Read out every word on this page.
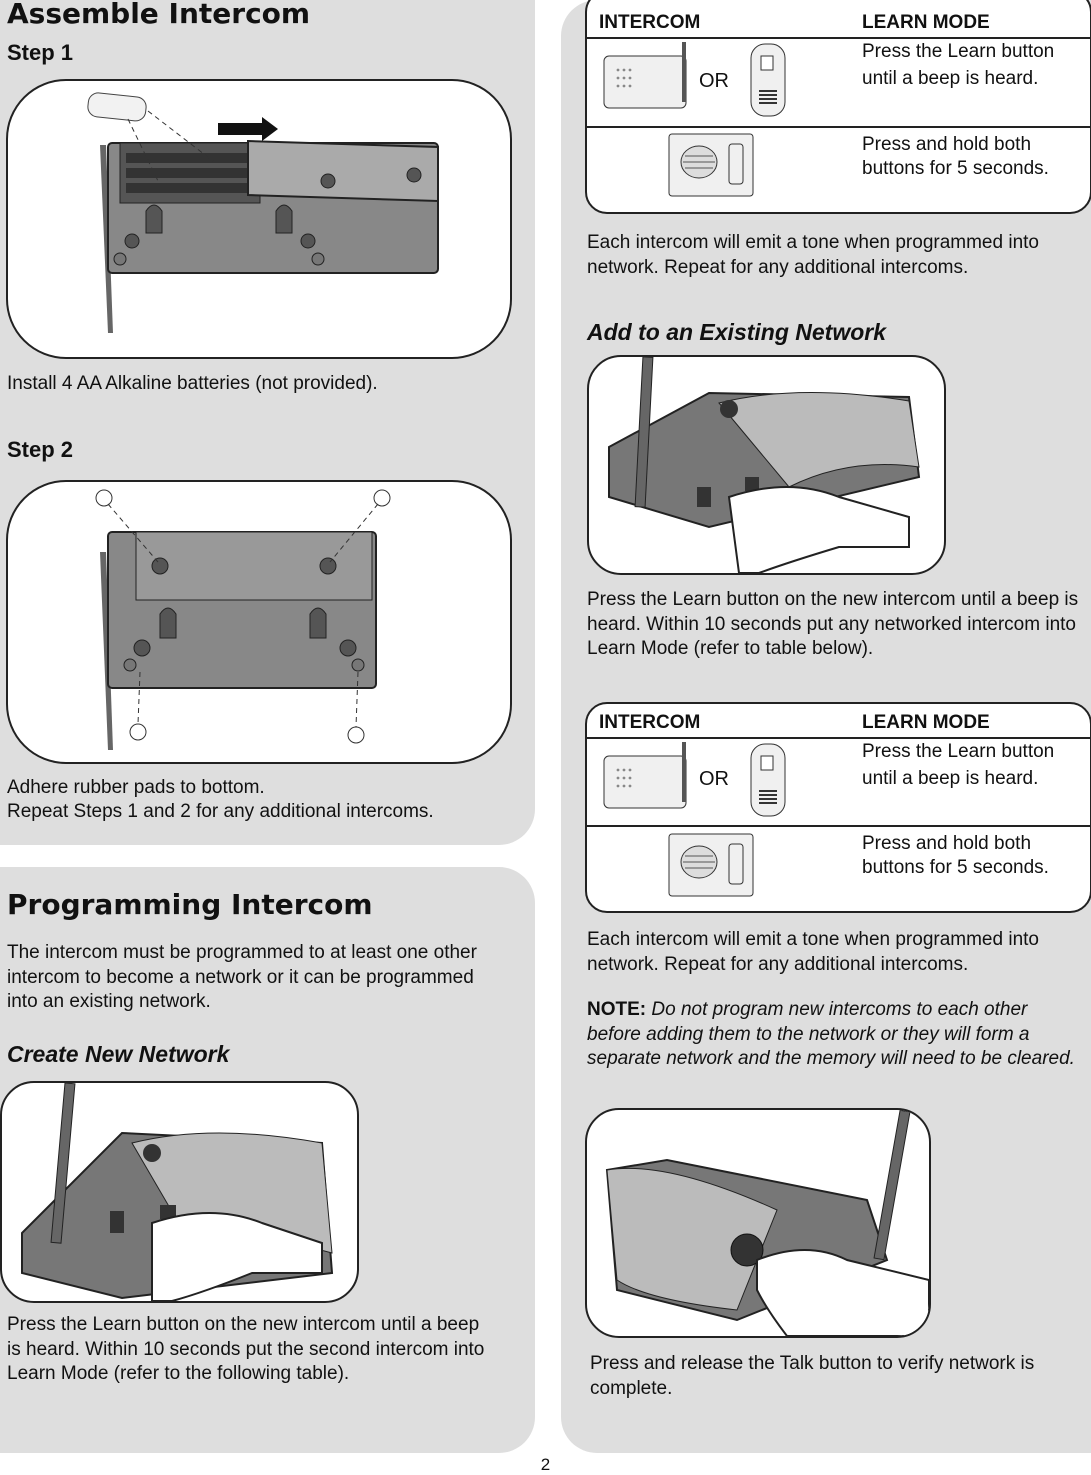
Assemble Intercom
Step 1

Install 4 AA Alkaline batteries (not provided).

Step 2

Adhere rubber pads to bottom.

Repeat Steps 1 and 2 for any additional intercoms.

Programming Intercom

The intercom must be programmed to at least one other intercom to become a network or it can be programmed into an existing network.

Create New Network

Press the Learn button on the new intercom until a beep is heard. Within 10 seconds put the second intercom into Learn Mode (refer to the following table).

INTERCOM	LEARN MODE
OR
Press the Learn button
until a beep is heard.
Press and hold both
buttons for 5 seconds.

Each intercom will emit a tone when programmed into network. Repeat for any additional intercoms.

Add to an Existing Network

Press the Learn button on the new intercom until a beep is heard. Within 10 seconds put any networked intercom into Learn Mode (refer to table below).

INTERCOM	LEARN MODE
OR
Press the Learn button
until a beep is heard.
Press and hold both
buttons for 5 seconds.

Each intercom will emit a tone when programmed into network. Repeat for any additional intercoms.

NOTE: Do not program new intercoms to each other before adding them to the network or they will form a separate network and the memory will need to be cleared.

Press and release the Talk button to verify network is complete.

2
